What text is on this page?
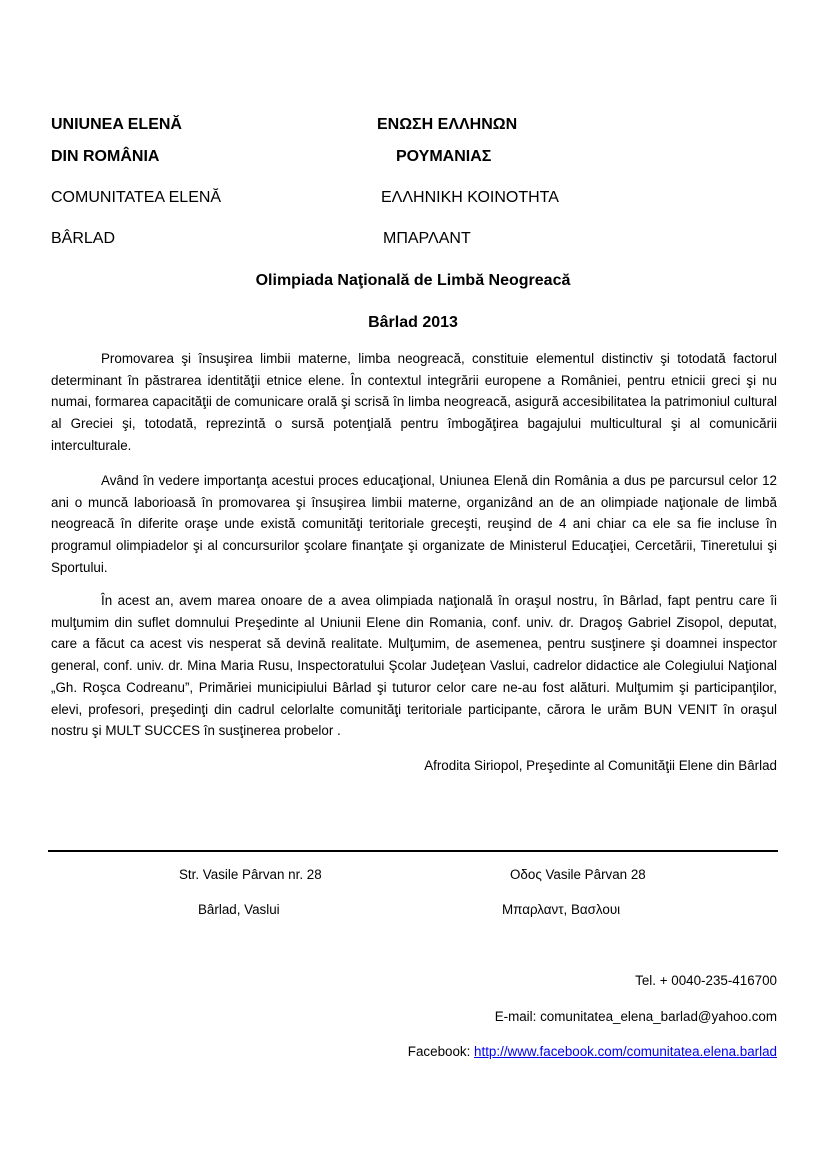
UNIUNEA ELENĂ
DIN ROMÂNIA
COMUNITATEA ELENĂ
BÂRLAD
ΕΝΩΣΗ ΕΛΛΗΝΩΝ
ΡΟΥΜΑΝΙΑΣ
ΕΛΛΗΝΙΚΗ ΚΟΙΝΟΤΗΤΑ
ΜΠΑΡΛΑΝΤ
Olimpiada Naţională de Limbă Neogreacă
Bârlad 2013

Promovarea şi însuşirea limbii materne, limba neogreacă, constituie elementul distinctiv şi totodată factorul determinant în păstrarea identităţii etnice elene. În contextul integrării europene a României, pentru etnicii greci şi nu numai, formarea capacităţii de comunicare orală şi scrisă în limba neogreacă, asigură accesibilitatea la patrimoniul cultural al Greciei şi, totodată, reprezintă o sursă potenţială pentru îmbogăţirea bagajului multicultural şi al comunicării interculturale.

Având în vedere importanţa acestui proces educaţional, Uniunea Elenă din România a dus pe parcursul celor 12 ani o muncă laborioasă în promovarea şi însuşirea limbii materne, organizând an de an olimpiade naţionale de limbă neogreacă în diferite oraşe unde există comunităţi teritoriale greceşti, reuşind de 4 ani chiar ca ele sa fie incluse în programul olimpiadelor şi al concursurilor şcolare finanţate şi organizate de Ministerul Educaţiei, Cercetării, Tineretului şi Sportului.

În acest an, avem marea onoare de a avea olimpiada naţională în oraşul nostru, în Bârlad, fapt pentru care îi mulţumim din suflet domnului Preşedinte al Uniunii Elene din Romania, conf. univ. dr. Dragoş Gabriel Zisopol, deputat, care a făcut ca acest vis nesperat să devină realitate. Mulţumim, de asemenea, pentru susţinere şi doamnei inspector general, conf. univ. dr. Mina Maria Rusu, Inspectoratului Şcolar Judeţean Vaslui, cadrelor didactice ale Colegiului Naţional „Gh. Roşca Codreanu”, Primăriei municipiului Bârlad şi tuturor celor care ne-au fost alături. Mulţumim şi participanţilor, elevi, profesori, preşedinţi din cadrul celorlalte comunităţi teritoriale participante, cărora le urăm BUN VENIT în oraşul nostru şi MULT SUCCES în susţinerea probelor .

Afrodita Siriopol, Preşedinte al Comunităţii Elene din Bârlad
Str. Vasile Pârvan nr. 28	Οδος Vasile Pârvan 28
Bârlad, Vaslui	Μπαρλαντ, Βασλουι
Tel. + 0040-235-416700
E-mail: comunitatea_elena_barlad@yahoo.com
Facebook: http://www.facebook.com/comunitatea.elena.barlad
